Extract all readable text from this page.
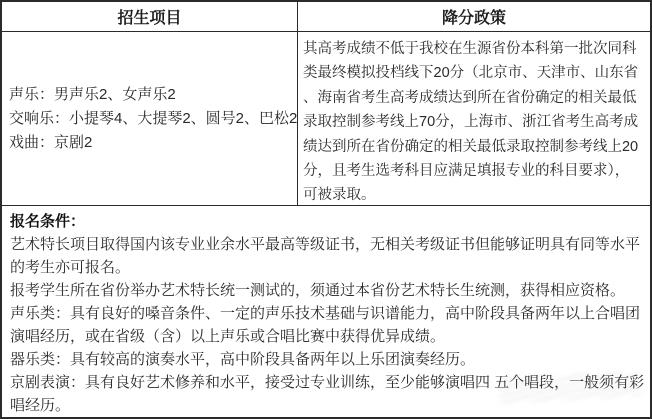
招生项目	降分政策
声乐：男声乐2、女声乐2
交响乐：小提琴4、大提琴2、圆号2、巴松2
戏曲：京剧2
其高考成绩不低于我校在生源省份本科第一批次同科
类最终模拟投档线下20分（北京市、天津市、山东省
、海南省考生高考成绩达到所在省份确定的相关最低
录取控制参考线上70分，上海市、浙江省考生高考成
绩达到所在省份确定的相关最低录取控制参考线上20
分，且考生选考科目应满足填报专业的科目要求），
可被录取。
报名条件：
艺术特长项目取得国内该专业业余水平最高等级证书，无相关考级证书但能够证明具有同等水平
的考生亦可报名。
报考学生所在省份举办艺术特长统一测试的，须通过本省份艺术特长生统测，获得相应资格。
声乐类：具有良好的嗓音条件、一定的声乐技术基础与识谱能力，高中阶段具备两年以上合唱团
演唱经历，或在省级（含）以上声乐或合唱比赛中获得优异成绩。
器乐类：具有较高的演奏水平，高中阶段具备两年以上乐团演奏经历。
京剧表演：具有良好艺术修养和水平，接受过专业训练，至少能够演唱四 五个唱段，一般须有彩
唱经历。
